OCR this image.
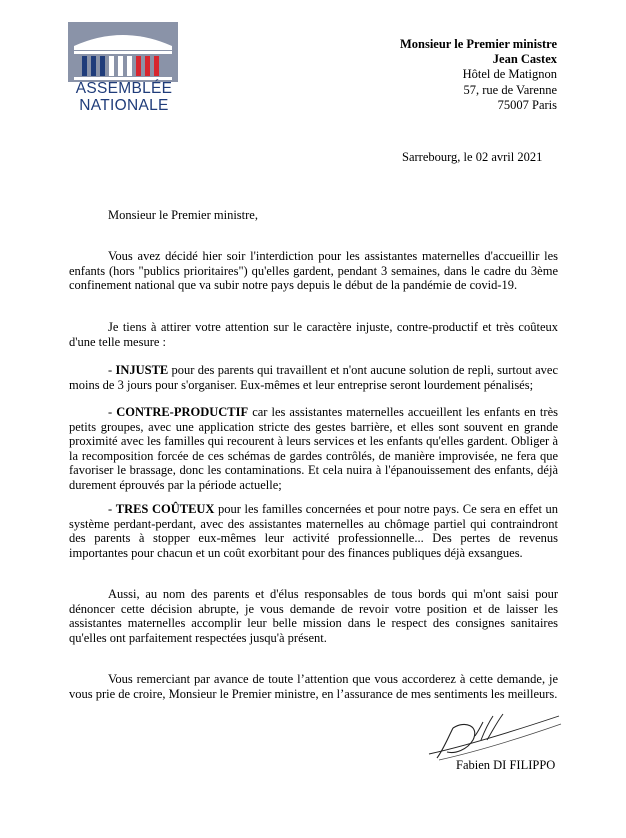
ASSEMBLÉE
NATIONALE
Monsieur le Premier ministre
Jean Castex
Hôtel de Matignon
57, rue de Varenne
75007 Paris
Sarrebourg, le 02 avril 2021
Monsieur le Premier ministre,

Vous avez décidé hier soir l'interdiction pour les assistantes maternelles d'accueillir les enfants (hors "publics prioritaires") qu'elles gardent, pendant 3 semaines, dans le cadre du 3ème confinement national que va subir notre pays depuis le début de la pandémie de covid-19.

Je tiens à attirer votre attention sur le caractère injuste, contre-productif et très coûteux d'une telle mesure :

- INJUSTE pour des parents qui travaillent et n'ont aucune solution de repli, surtout avec moins de 3 jours pour s'organiser. Eux-mêmes et leur entreprise seront lourdement pénalisés;

- CONTRE-PRODUCTIF car les assistantes maternelles accueillent les enfants en très petits groupes, avec une application stricte des gestes barrière, et elles sont souvent en grande proximité avec les familles qui recourent à leurs services et les enfants qu'elles gardent. Obliger à la recomposition forcée de ces schémas de gardes contrôlés, de manière improvisée, ne fera que favoriser le brassage, donc les contaminations. Et cela nuira à l'épanouissement des enfants, déjà durement éprouvés par la période actuelle;

- TRES COÛTEUX pour les familles concernées et pour notre pays. Ce sera en effet un système perdant-perdant, avec des assistantes maternelles au chômage partiel qui contraindront des parents à stopper eux-mêmes leur activité professionnelle... Des pertes de revenus importantes pour chacun et un coût exorbitant pour des finances publiques déjà exsangues.

Aussi, au nom des parents et d'élus responsables de tous bords qui m'ont saisi pour dénoncer cette décision abrupte, je vous demande de revoir votre position et de laisser les assistantes maternelles accomplir leur belle mission dans le respect des consignes sanitaires qu'elles ont parfaitement respectées jusqu'à présent.

Vous remerciant par avance de toute l’attention que vous accorderez à cette demande, je vous prie de croire, Monsieur le Premier ministre, en l’assurance de mes sentiments les meilleurs.

Fabien DI FILIPPO
